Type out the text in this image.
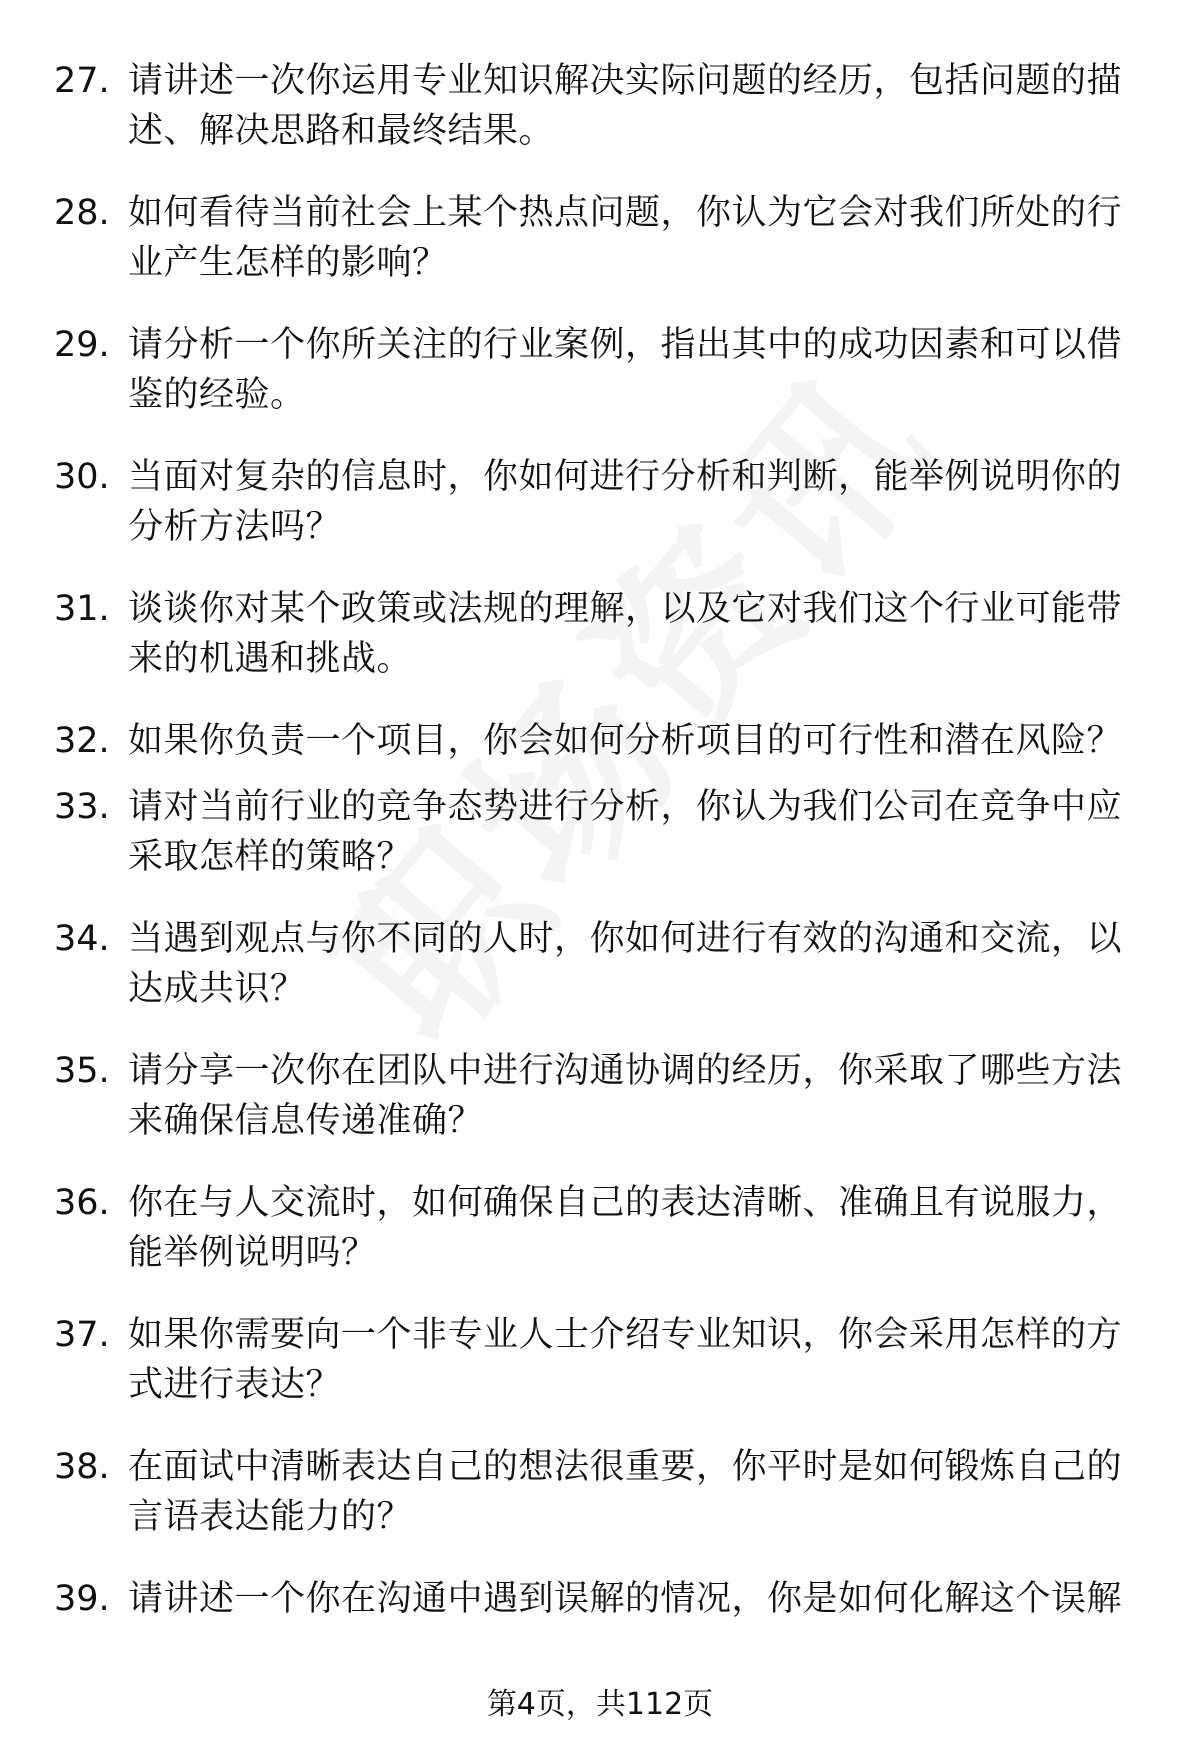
27. 请讲述一次你运用专业知识解决实际问题的经历，包括问题的描述、解决思路和最终结果。
28. 如何看待当前社会上某个热点问题，你认为它会对我们所处的行业产生怎样的影响？
29. 请分析一个你所关注的行业案例，指出其中的成功因素和可以借鉴的经验。
30. 当面对复杂的信息时，你如何进行分析和判断，能举例说明你的分析方法吗？
31. 谈谈你对某个政策或法规的理解，以及它对我们这个行业可能带来的机遇和挑战。
32. 如果你负责一个项目，你会如何分析项目的可行性和潜在风险？
33. 请对当前行业的竞争态势进行分析，你认为我们公司在竞争中应采取怎样的策略？
34. 当遇到观点与你不同的人时，你如何进行有效的沟通和交流，以达成共识？
35. 请分享一次你在团队中进行沟通协调的经历，你采取了哪些方法来确保信息传递准确？
36. 你在与人交流时，如何确保自己的表达清晰、准确且有说服力，能举例说明吗？
37. 如果你需要向一个非专业人士介绍专业知识，你会采用怎样的方式进行表达？
38. 在面试中清晰表达自己的想法很重要，你平时是如何锻炼自己的言语表达能力的？
39. 请讲述一个你在沟通中遇到误解的情况，你是如何化解这个误解
第4页，共112页
